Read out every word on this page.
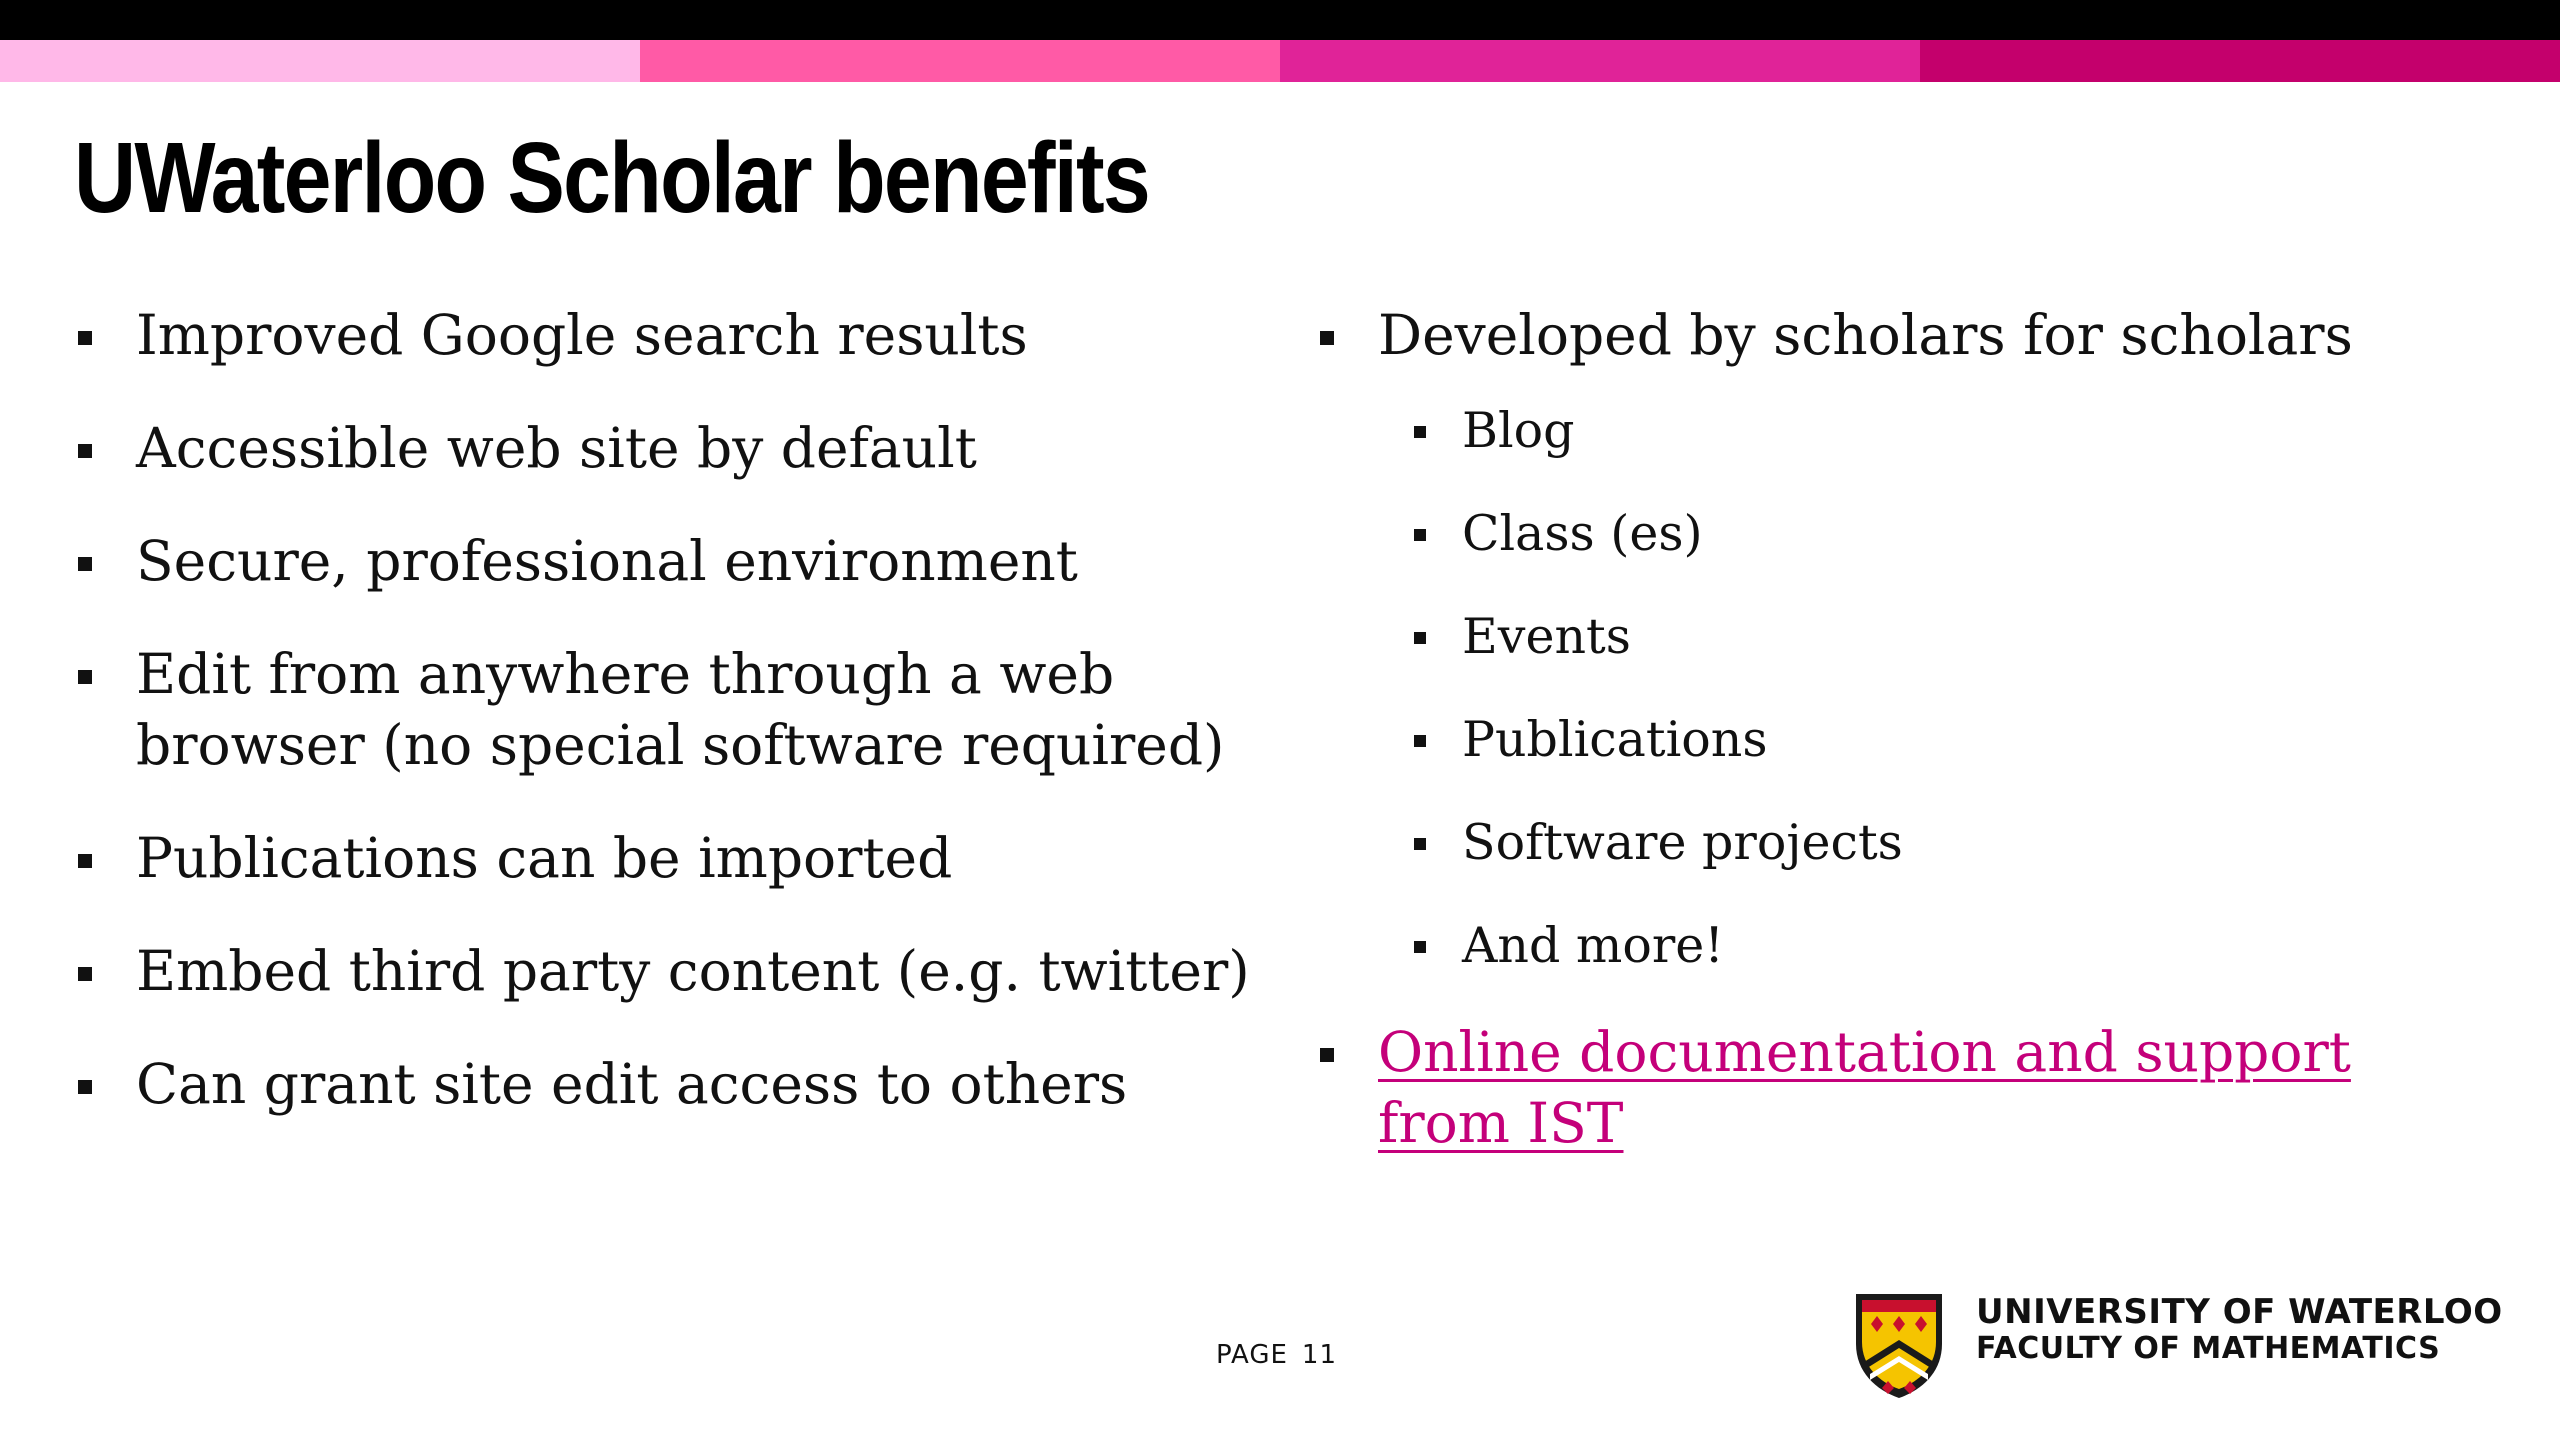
UWaterloo Scholar benefits
Improved Google search results
Accessible web site by default
Secure, professional environment
Edit from anywhere through a web browser (no special software required)
Publications can be imported
Embed third party content (e.g. twitter)
Can grant site edit access to others
Developed by scholars for scholars
Blog
Class (es)
Events
Publications
Software projects
And more!
Online documentation and support from IST
PAGE 11
UNIVERSITY OF WATERLOO
FACULTY OF MATHEMATICS
